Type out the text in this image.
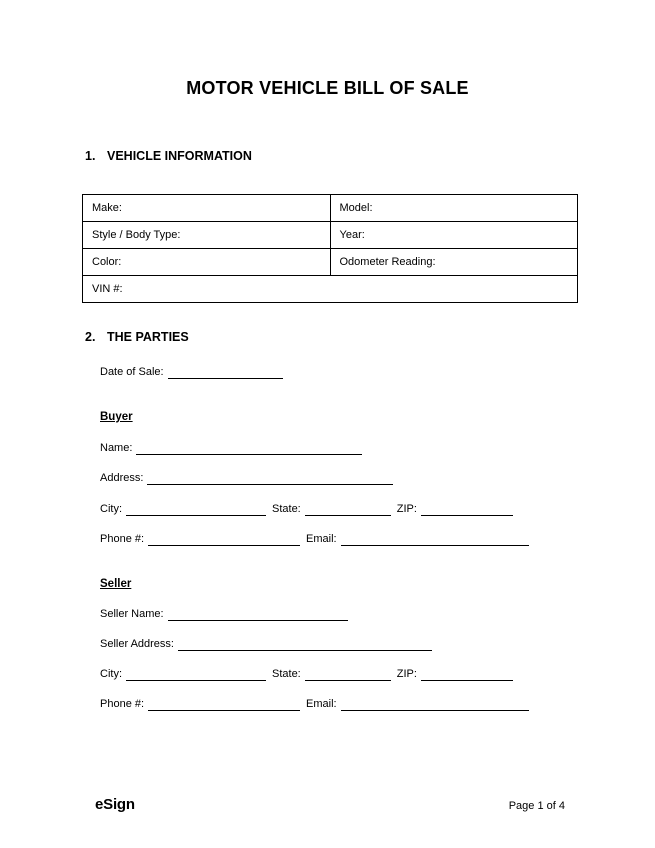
MOTOR VEHICLE BILL OF SALE
1. VEHICLE INFORMATION
Make:	Model:
Style / Body Type:	Year:
Color:	Odometer Reading:
VIN #:	
2. THE PARTIES
Date of Sale:
Buyer
Name:
Address:
City:	State:	ZIP:
Phone #:	Email:
Seller
Seller Name:
Seller Address:
City:	State:	ZIP:
Phone #:	Email:
eSign	Page 1 of 4
